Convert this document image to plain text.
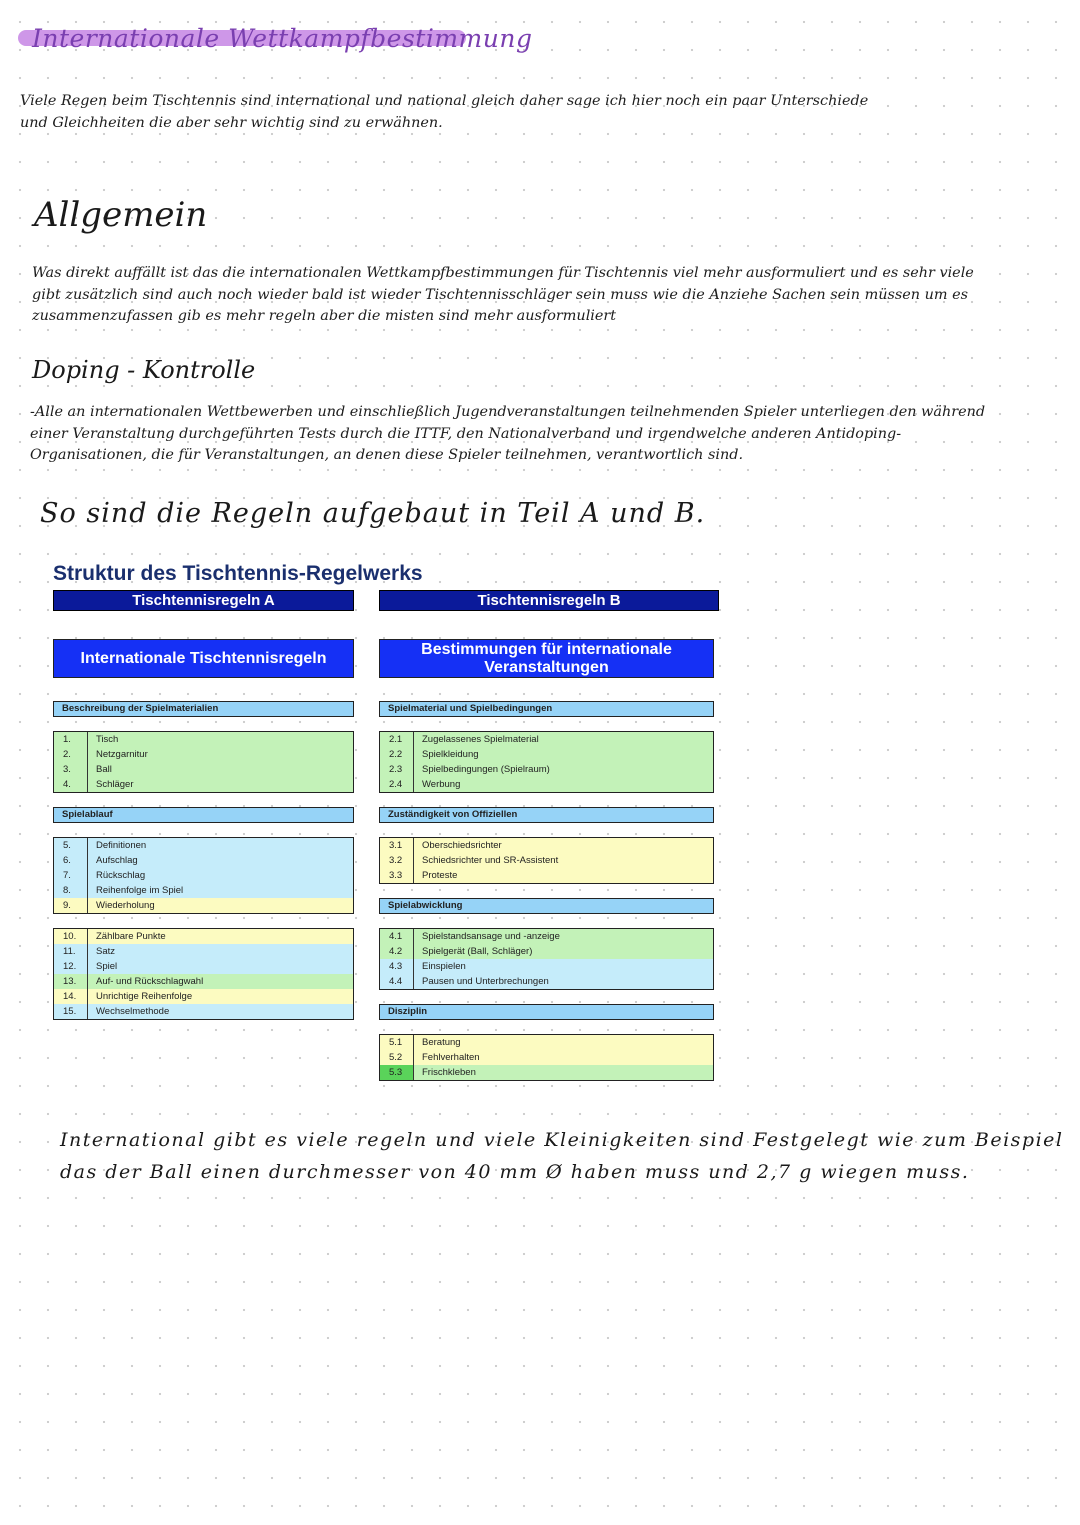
Internationale Wettkampfbestimmung
Viele Regen beim Tischtennis sind international und national gleich daher sage ich hier noch ein paar Unterschiede
und Gleichheiten die aber sehr wichtig sind zu erwähnen.
Allgemein
Was direkt auffällt ist das die internationalen Wettkampfbestimmungen für Tischtennis viel mehr ausformuliert und es sehr viele
gibt zusätzlich sind auch noch wieder bald ist wieder Tischtennisschläger sein muss wie die Anziehe Sachen sein müssen um es
zusammenzufassen gib es mehr regeln aber die misten sind mehr ausformuliert
Doping - Kontrolle
-Alle an internationalen Wettbewerben und einschließlich Jugendveranstaltungen teilnehmenden Spieler unterliegen den während
einer Veranstaltung durchgeführten Tests durch die ITTF, den Nationalverband und irgendwelche anderen Antidoping-
Organisationen, die für Veranstaltungen, an denen diese Spieler teilnehmen, verantwortlich sind.
So sind die Regeln aufgebaut in Teil A und B.
Struktur des Tischtennis-Regelwerks
Tischtennisregeln A	Tischtennisregeln B
Internationale Tischtennisregeln
Bestimmungen für internationale
Veranstaltungen
Beschreibung der Spielmaterialien
1.	Tisch
2.	Netzgarnitur
3.	Ball
4.	Schläger
Spielablauf
5.	Definitionen
6.	Aufschlag
7.	Rückschlag
8.	Reihenfolge im Spiel
9.	Wiederholung
10.	Zählbare Punkte
11.	Satz
12.	Spiel
13.	Auf- und Rückschlagwahl
14.	Unrichtige Reihenfolge
15.	Wechselmethode
Spielmaterial und Spielbedingungen
2.1	Zugelassenes Spielmaterial
2.2	Spielkleidung
2.3	Spielbedingungen (Spielraum)
2.4	Werbung
Zuständigkeit von Offiziellen
3.1	Oberschiedsrichter
3.2	Schiedsrichter und SR-Assistent
3.3	Proteste
Spielabwicklung
4.1	Spielstandsansage und -anzeige
4.2	Spielgerät (Ball, Schläger)
4.3	Einspielen
4.4	Pausen und Unterbrechungen
Disziplin
5.1	Beratung
5.2	Fehlverhalten
5.3	Frischkleben
International gibt es viele regeln und viele Kleinigkeiten sind Festgelegt wie zum Beispiel
das der Ball einen durchmesser von 40 mm Ø haben muss und 2,7 g wiegen muss.
